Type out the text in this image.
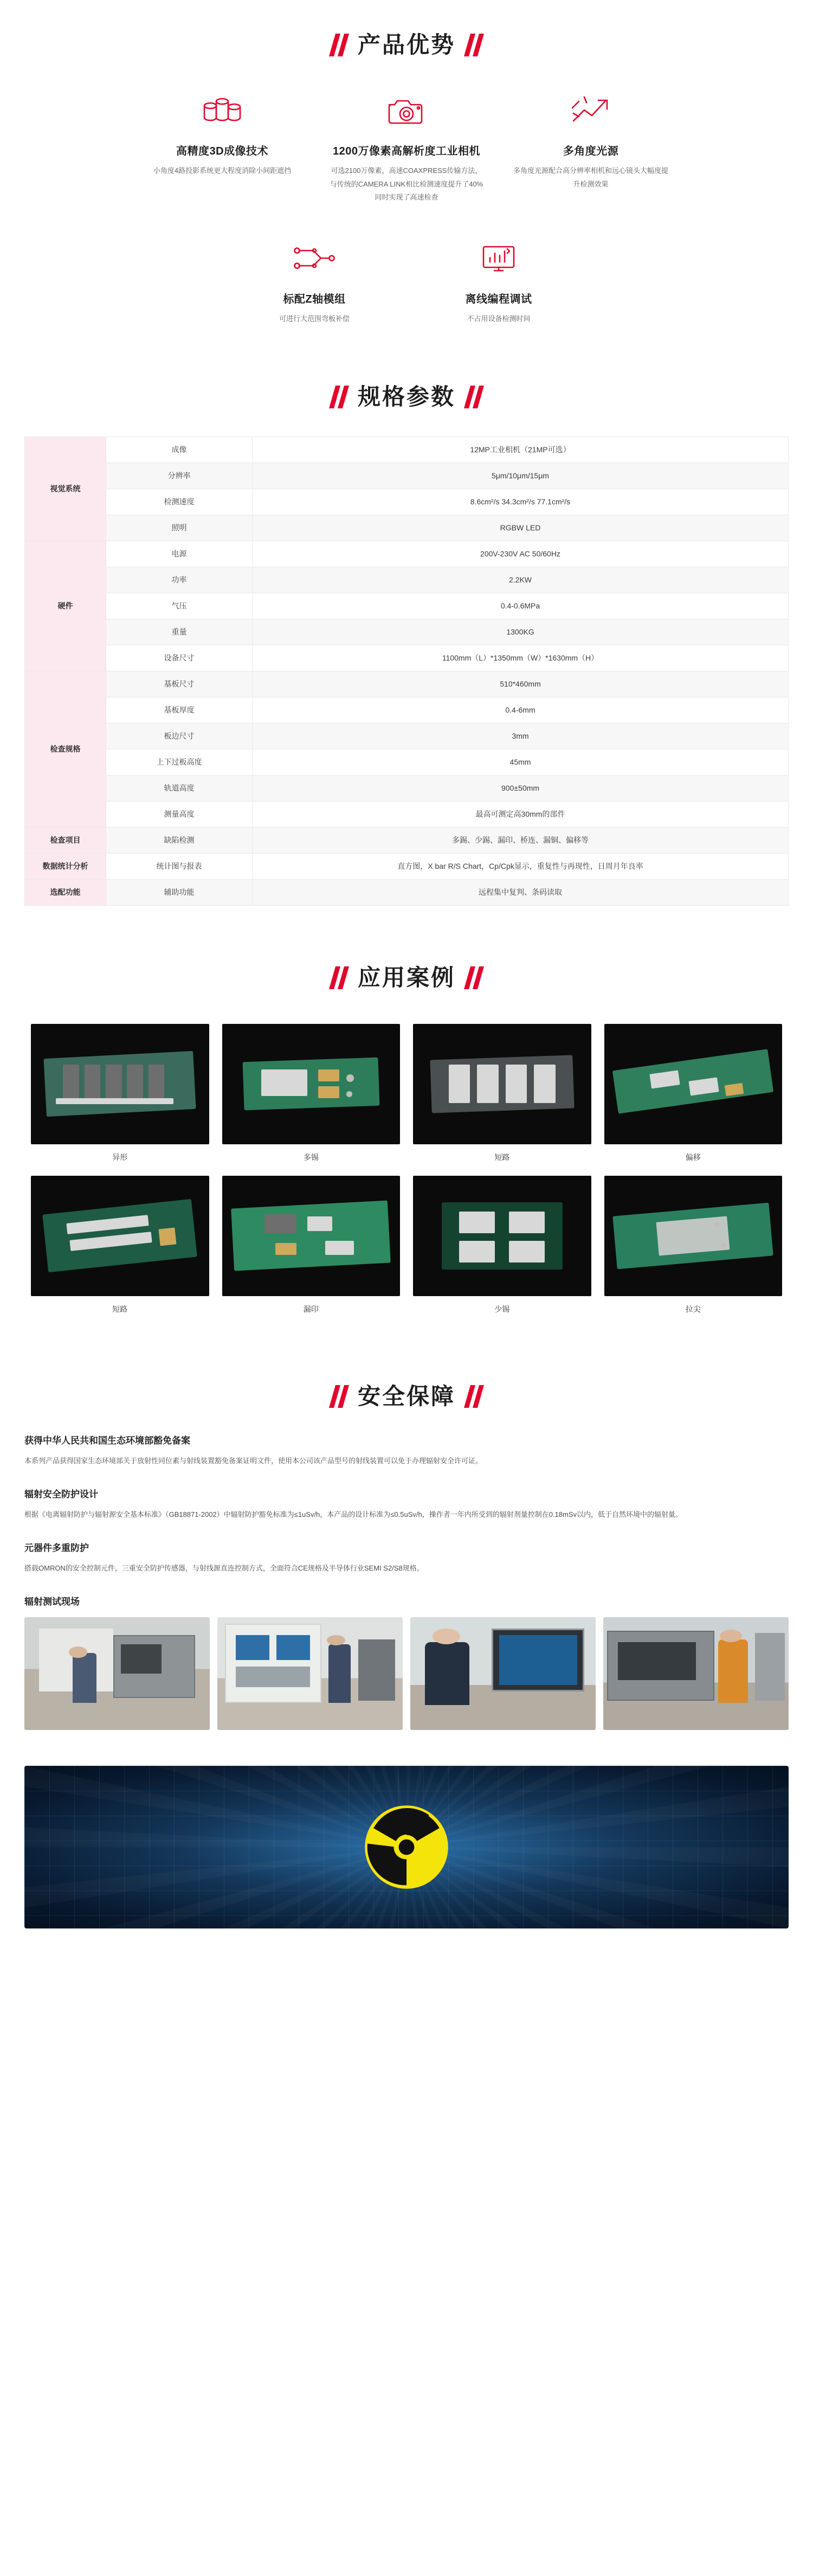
产品优势
高精度3D成像技术
小角度4路投影系统更大程度消除小间距遮挡
1200万像素高解析度工业相机
可选2100万像素，高速COAXPRESS传输方法，与传统的CAMERA LINK相比检测速度提升了40%同时实现了高速检查
多角度光源
多角度光源配合高分辨率相机和远心镜头大幅度提升检测效果
标配Z轴模组
可进行大范围弯板补偿
离线编程调试
不占用设备检测时间
规格参数
视觉系统	成像	12MP工业相机（21MP可选）
	分辨率	5μm/10μm/15μm
	检测速度	8.6cm²/s 34.3cm²/s 77.1cm²/s
	照明	RGBW LED
硬件	电源	200V-230V AC 50/60Hz
	功率	2.2KW
	气压	0.4-0.6MPa
	重量	1300KG
	设备尺寸	1100mm（L）*1350mm（W）*1630mm（H）
检查规格	基板尺寸	510*460mm
	基板厚度	0.4-6mm
	板边尺寸	3mm
	上下过板高度	45mm
	轨道高度	900±50mm
	测量高度	最高可测定高30mm的部件
检查项目	缺陷检测	多錫、少錫、漏印、桥连、漏铜、偏移等
数据统计分析	统计图与报表	直方图，X bar R/S Chart，Cp/Cpk显示，重复性与再现性，日周月年良率
选配功能	辅助功能	远程集中复判、条码读取
应用案例
异形	多锡	短路	偏移
短路	漏印	少锡	拉尖
安全保障
获得中华人民共和国生态环境部豁免备案

本系列产品获得国家生态环境部关于放射性同位素与射线装置豁免备案证明文件，使用本公司该产品型号的射线装置可以免于办理辐射安全许可证。

辐射安全防护设计

根据《电离辐射防护与辐射源安全基本标准》（GB18871-2002）中辐射防护豁免标准为≤1uSv/h，本产品的设计标准为≤0.5uSv/h，操作者一年内所受到的辐射剂量控制在0.18mSv以内，低于自然环境中的辐射量。

元器件多重防护

搭载OMRON的安全控制元件，三重安全防护传感器，与射线源直连控制方式，全面符合CE规格及半导体行业SEMI S2/S8规格。

辐射测试现场
